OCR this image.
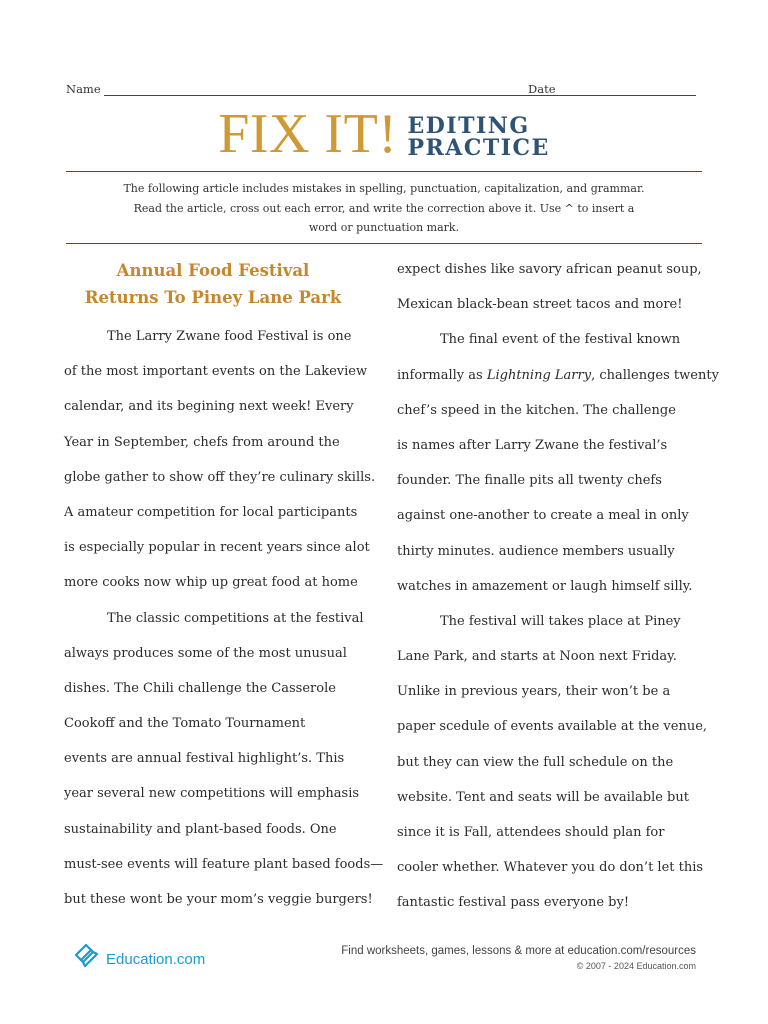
Name	Date
FIX IT! EDITING
PRACTICE
The following article includes mistakes in spelling, punctuation, capitalization, and grammar.
Read the article, cross out each error, and write the correction above it. Use ^ to insert a
word or punctuation mark.
Annual Food Festival
Returns To Piney Lane Park
The Larry Zwane food Festival is one
of the most important events on the Lakeview
calendar, and its begining next week! Every
Year in September, chefs from around the
globe gather to show off they’re culinary skills.
A amateur competition for local participants
is especially popular in recent years since alot
more cooks now whip up great food at home
The classic competitions at the festival
always produces some of the most unusual
dishes. The Chili challenge the Casserole
Cookoff and the Tomato Tournament
events are annual festival highlight’s. This
year several new competitions will emphasis
sustainability and plant-based foods. One
must-see events will feature plant based foods—
but these wont be your mom’s veggie burgers!
expect dishes like savory african peanut soup,
Mexican black-bean street tacos and more!
The final event of the festival known
informally as Lightning Larry, challenges twenty
chef’s speed in the kitchen. The challenge
is names after Larry Zwane the festival’s
founder. The finalle pits all twenty chefs
against one-another to create a meal in only
thirty minutes. audience members usually
watches in amazement or laugh himself silly.
The festival will takes place at Piney
Lane Park, and starts at Noon next Friday.
Unlike in previous years, their won’t be a
paper scedule of events available at the venue,
but they can view the full schedule on the
website. Tent and seats will be available but
since it is Fall, attendees should plan for
cooler whether. Whatever you do don’t let this
fantastic festival pass everyone by!
Education.com	Find worksheets, games, lessons & more at education.com/resources
© 2007 - 2024 Education.com
